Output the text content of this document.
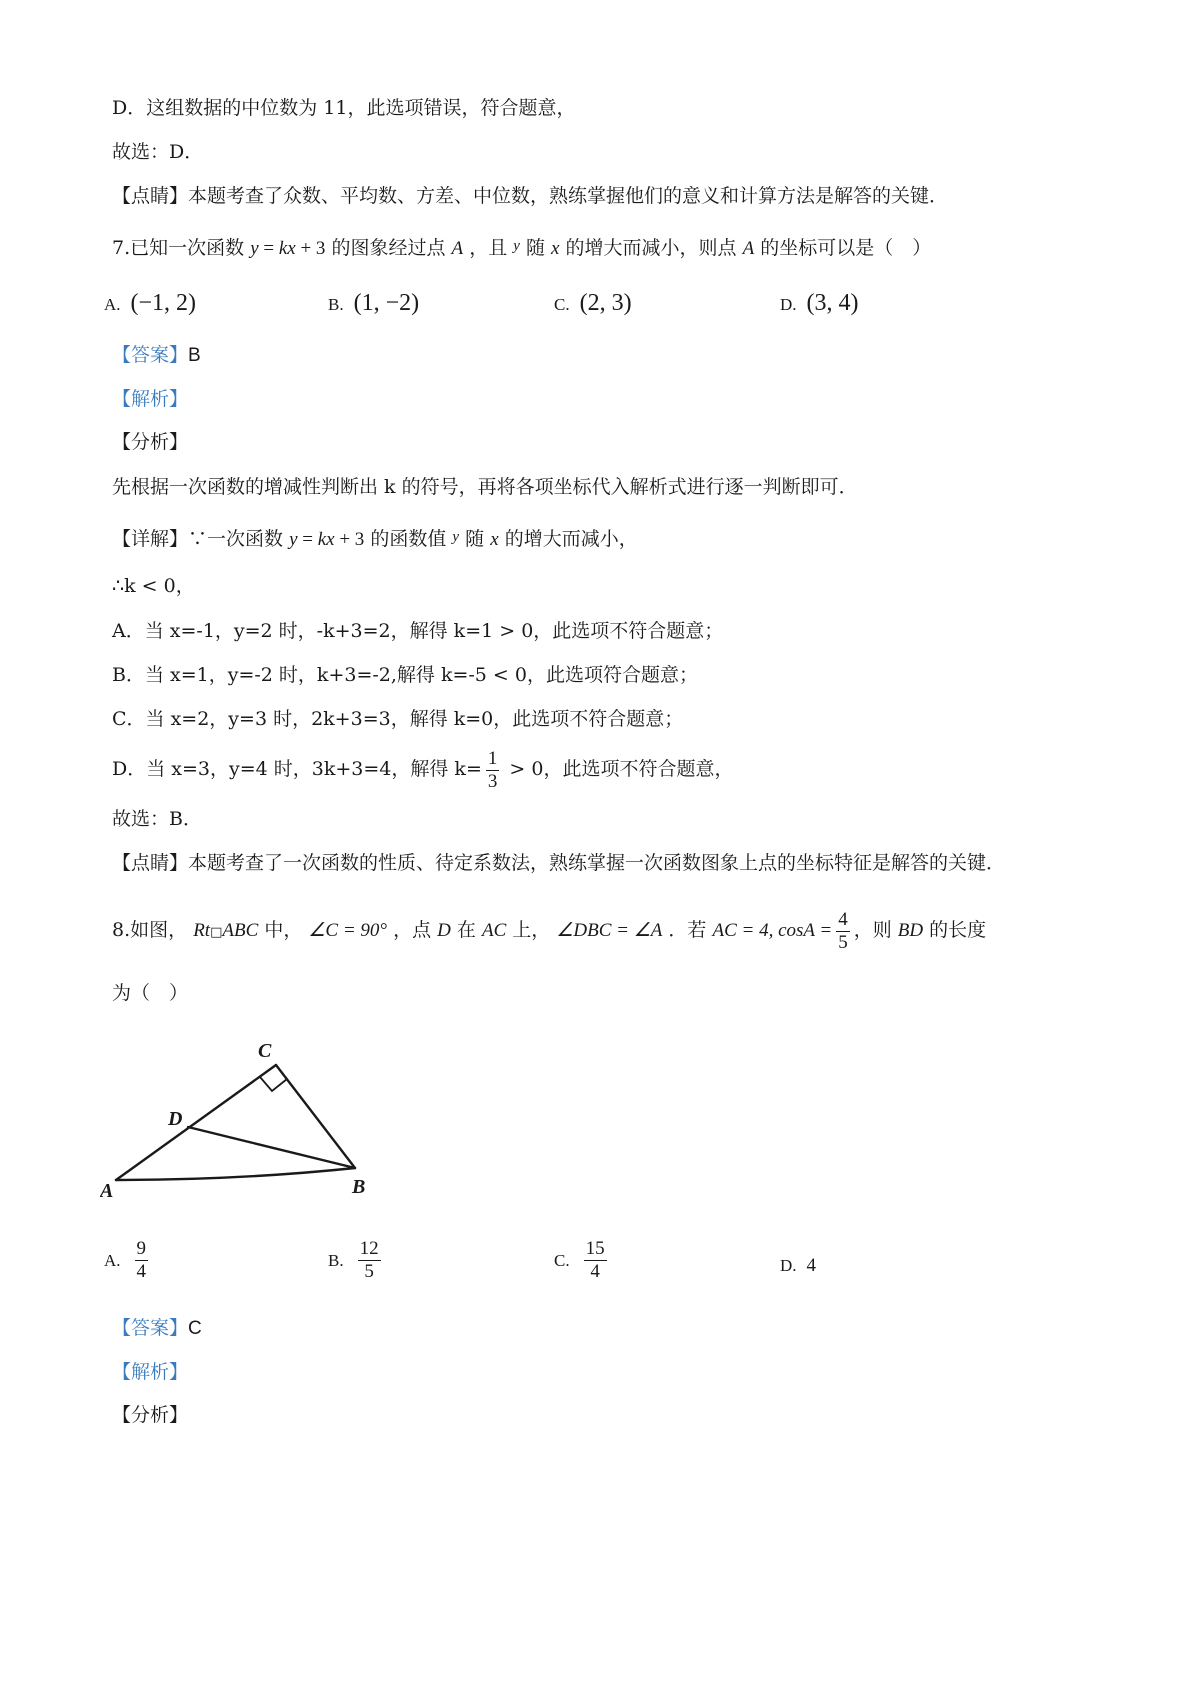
D．这组数据的中位数为 11，此选项错误，符合题意，
故选：D．
【点睛】本题考查了众数、平均数、方差、中位数，熟练掌握他们的意义和计算方法是解答的关键．
7.已知一次函数 y = kx + 3 的图象经过点 A ，且 $^y$ 随 x 的增大而减小，则点 A 的坐标可以是（　）
A. (−1, 2)	B. (1, −2)	C. (2, 3)	D. (3, 4)
【答案】B
【解析】
【分析】
先根据一次函数的增减性判断出 k 的符号，再将各项坐标代入解析式进行逐一判断即可．
【详解】∵一次函数 y = kx + 3 的函数值 $^y$ 随 x 的增大而减小，
∴k < 0，
A．当 x=-1，y=2 时，-k+3=2，解得 k=1 > 0，此选项不符合题意；
B．当 x=1，y=-2 时，k+3=-2,解得 k=-5 < 0，此选项符合题意；
C．当 x=2，y=3 时，2k+3=3，解得 k=0，此选项不符合题意；
D．当 x=3，y=4 时，3k+3=4，解得 $k= \frac{1}{3} > 0$，此选项不符合题意，
故选：B．
【点睛】本题考查了一次函数的性质、待定系数法，熟练掌握一次函数图象上点的坐标特征是解答的关键．
8.如图， Rt□ABC 中， ∠C = 90° ，点 D 在 AC 上， ∠DBC = ∠A ．若 AC = 4, $\cos A = \frac{4}{5}$ ，则 BD 的长度
为（　）
A	B
C
D
A. $\frac{9}{4}$	B. $\frac{12}{5}$	C. $\frac{15}{4}$	D. 4
【答案】C
【解析】
【分析】
